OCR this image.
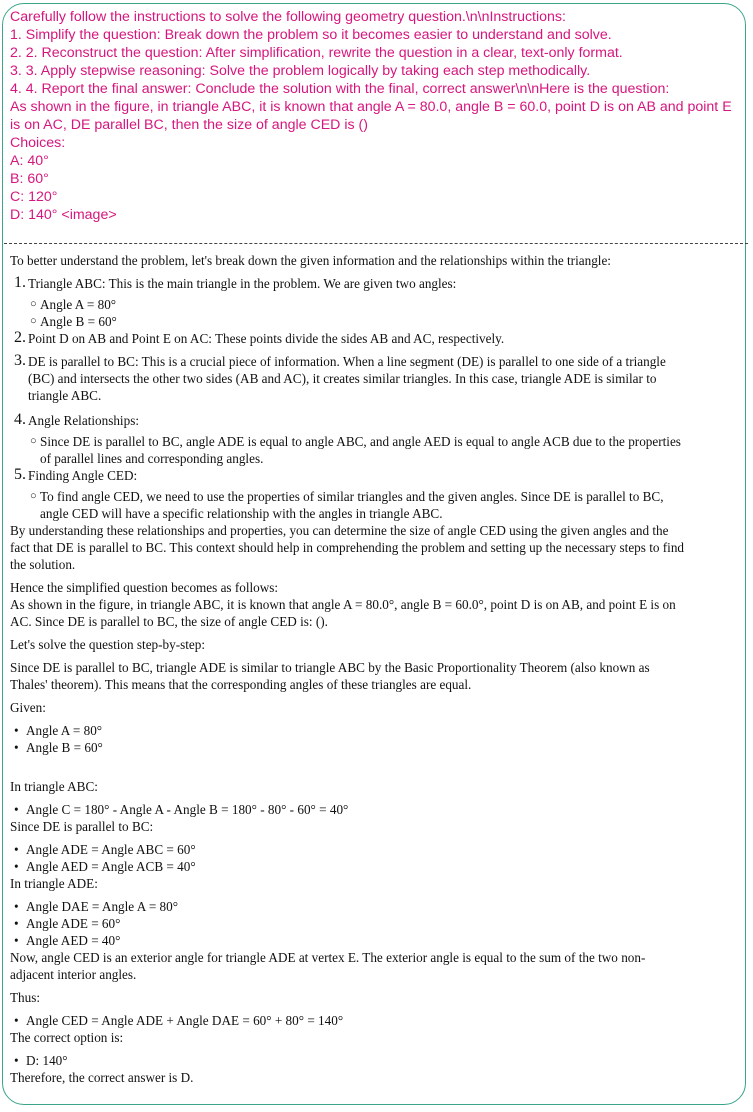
Carefully follow the instructions to solve the following geometry question.\n\nInstructions:
1. Simplify the question: Break down the problem so it becomes easier to understand and solve.
2. 2. Reconstruct the question: After simplification, rewrite the question in a clear, text-only format.
3. 3. Apply stepwise reasoning: Solve the problem logically by taking each step methodically.
4. 4. Report the final answer: Conclude the solution with the final, correct answer\n\nHere is the question:
As shown in the figure, in triangle ABC, it is known that angle A = 80.0, angle B = 60.0, point D is on AB and point E
is on AC, DE parallel BC, then the size of angle CED is ()
Choices:
A: 40°
B: 60°
C: 120°
D: 140° <image>
To better understand the problem, let's break down the given information and the relationships within the triangle:
1. Triangle ABC: This is the main triangle in the problem. We are given two angles:
○ Angle A = 80°
○ Angle B = 60°
2. Point D on AB and Point E on AC: These points divide the sides AB and AC, respectively.
3. DE is parallel to BC: This is a crucial piece of information. When a line segment (DE) is parallel to one side of a triangle
(BC) and intersects the other two sides (AB and AC), it creates similar triangles. In this case, triangle ADE is similar to
triangle ABC.
4. Angle Relationships:
○ Since DE is parallel to BC, angle ADE is equal to angle ABC, and angle AED is equal to angle ACB due to the properties
of parallel lines and corresponding angles.
5. Finding Angle CED:
○ To find angle CED, we need to use the properties of similar triangles and the given angles. Since DE is parallel to BC,
angle CED will have a specific relationship with the angles in triangle ABC.
By understanding these relationships and properties, you can determine the size of angle CED using the given angles and the
fact that DE is parallel to BC. This context should help in comprehending the problem and setting up the necessary steps to find
the solution.
Hence the simplified question becomes as follows:
As shown in the figure, in triangle ABC, it is known that angle A = 80.0°, angle B = 60.0°, point D is on AB, and point E is on
AC. Since DE is parallel to BC, the size of angle CED is: ().
Let's solve the question step-by-step:
Since DE is parallel to BC, triangle ADE is similar to triangle ABC by the Basic Proportionality Theorem (also known as
Thales' theorem). This means that the corresponding angles of these triangles are equal.
Given:
• Angle A = 80°
• Angle B = 60°
In triangle ABC:
• Angle C = 180° - Angle A - Angle B = 180° - 80° - 60° = 40°
Since DE is parallel to BC:
• Angle ADE = Angle ABC = 60°
• Angle AED = Angle ACB = 40°
In triangle ADE:
• Angle DAE = Angle A = 80°
• Angle ADE = 60°
• Angle AED = 40°
Now, angle CED is an exterior angle for triangle ADE at vertex E. The exterior angle is equal to the sum of the two non-
adjacent interior angles.
Thus:
• Angle CED = Angle ADE + Angle DAE = 60° + 80° = 140°
The correct option is:
• D: 140°
Therefore, the correct answer is D.
